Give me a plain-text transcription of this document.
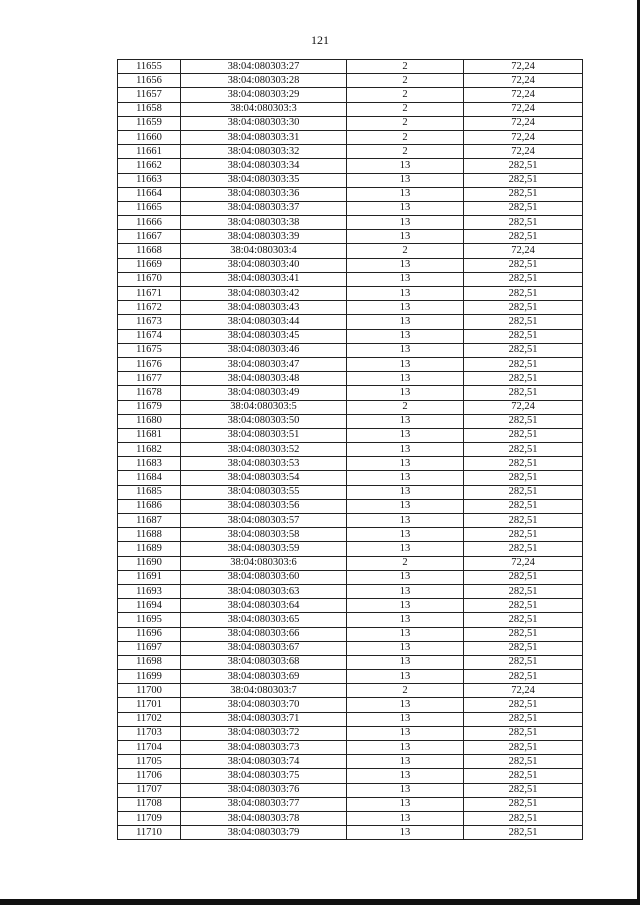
121
11655	38:04:080303:27	2	72,24
11656	38:04:080303:28	2	72,24
11657	38:04:080303:29	2	72,24
11658	38:04:080303:3	2	72,24
11659	38:04:080303:30	2	72,24
11660	38:04:080303:31	2	72,24
11661	38:04:080303:32	2	72,24
11662	38:04:080303:34	13	282,51
11663	38:04:080303:35	13	282,51
11664	38:04:080303:36	13	282,51
11665	38:04:080303:37	13	282,51
11666	38:04:080303:38	13	282,51
11667	38:04:080303:39	13	282,51
11668	38:04:080303:4	2	72,24
11669	38:04:080303:40	13	282,51
11670	38:04:080303:41	13	282,51
11671	38:04:080303:42	13	282,51
11672	38:04:080303:43	13	282,51
11673	38:04:080303:44	13	282,51
11674	38:04:080303:45	13	282,51
11675	38:04:080303:46	13	282,51
11676	38:04:080303:47	13	282,51
11677	38:04:080303:48	13	282,51
11678	38:04:080303:49	13	282,51
11679	38:04:080303:5	2	72,24
11680	38:04:080303:50	13	282,51
11681	38:04:080303:51	13	282,51
11682	38:04:080303:52	13	282,51
11683	38:04:080303:53	13	282,51
11684	38:04:080303:54	13	282,51
11685	38:04:080303:55	13	282,51
11686	38:04:080303:56	13	282,51
11687	38:04:080303:57	13	282,51
11688	38:04:080303:58	13	282,51
11689	38:04:080303:59	13	282,51
11690	38:04:080303:6	2	72,24
11691	38:04:080303:60	13	282,51
11693	38:04:080303:63	13	282,51
11694	38:04:080303:64	13	282,51
11695	38:04:080303:65	13	282,51
11696	38:04:080303:66	13	282,51
11697	38:04:080303:67	13	282,51
11698	38:04:080303:68	13	282,51
11699	38:04:080303:69	13	282,51
11700	38:04:080303:7	2	72,24
11701	38:04:080303:70	13	282,51
11702	38:04:080303:71	13	282,51
11703	38:04:080303:72	13	282,51
11704	38:04:080303:73	13	282,51
11705	38:04:080303:74	13	282,51
11706	38:04:080303:75	13	282,51
11707	38:04:080303:76	13	282,51
11708	38:04:080303:77	13	282,51
11709	38:04:080303:78	13	282,51
11710	38:04:080303:79	13	282,51
